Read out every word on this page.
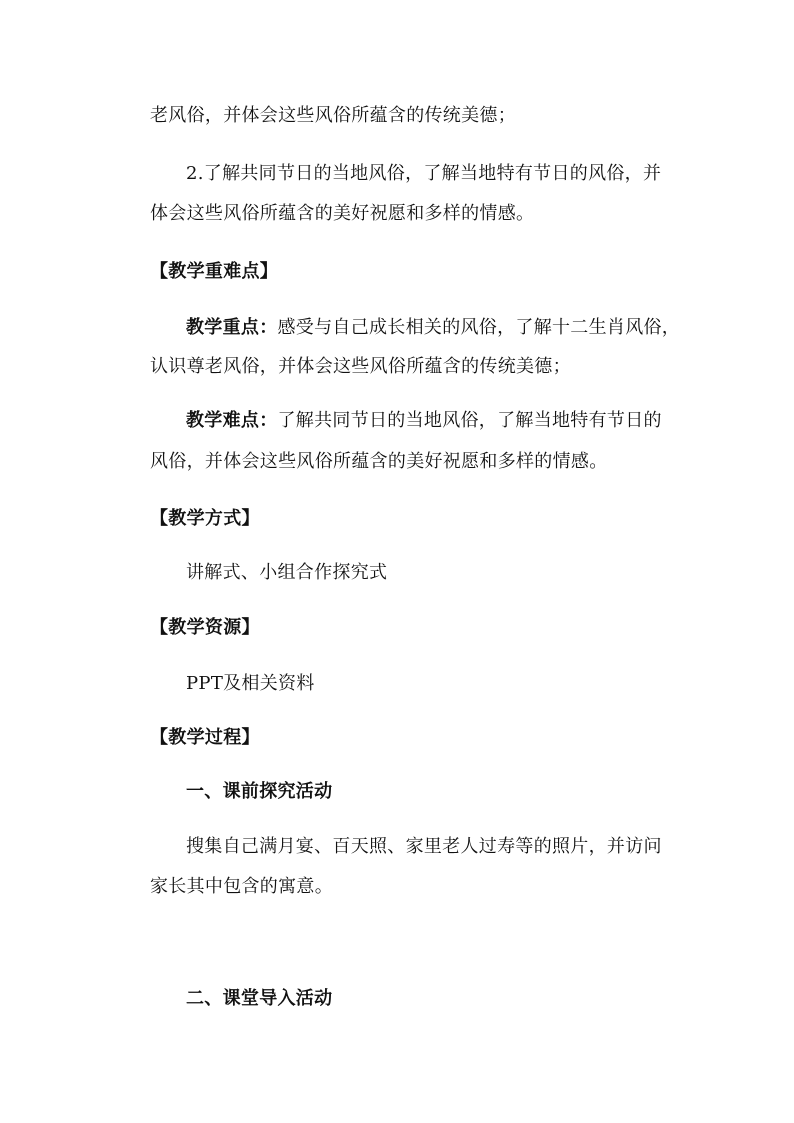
老风俗，并体会这些风俗所蕴含的传统美德；
2.了解共同节日的当地风俗，了解当地特有节日的风俗，并
体会这些风俗所蕴含的美好祝愿和多样的情感。
【教学重难点】
教学重点：感受与自己成长相关的风俗，了解十二生肖风俗，
认识尊老风俗，并体会这些风俗所蕴含的传统美德；
教学难点：了解共同节日的当地风俗，了解当地特有节日的
风俗，并体会这些风俗所蕴含的美好祝愿和多样的情感。
【教学方式】
讲解式、小组合作探究式
【教学资源】
PPT及相关资料
【教学过程】
一、课前探究活动
搜集自己满月宴、百天照、家里老人过寿等的照片，并访问
家长其中包含的寓意。
二、课堂导入活动
